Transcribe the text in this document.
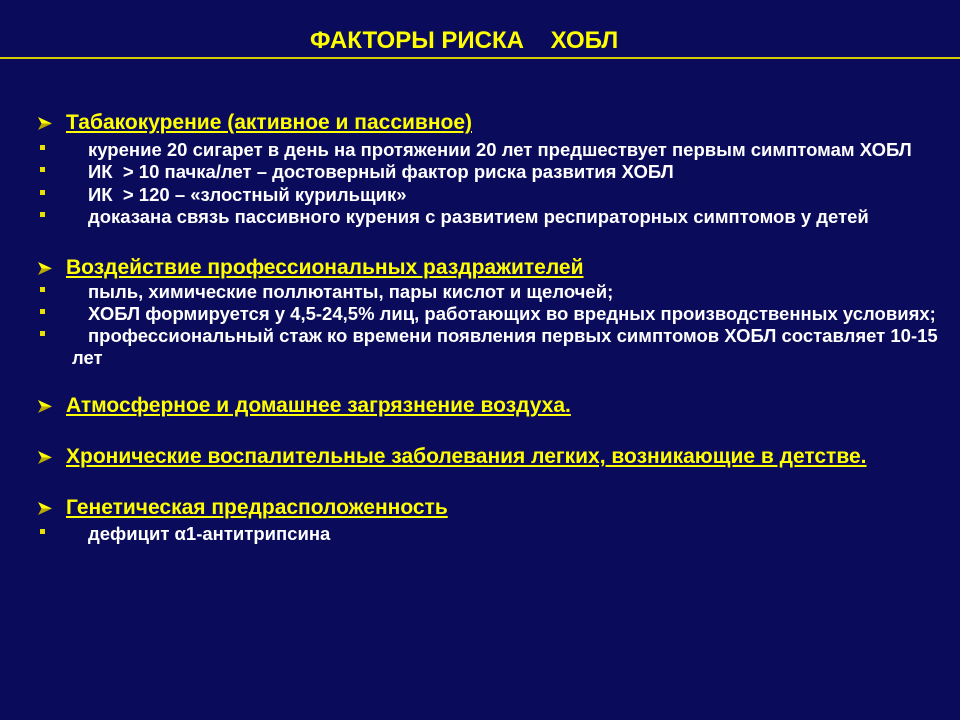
ФАКТОРЫ РИСКА    ХОБЛ
Табакокурение (активное и пассивное)
курение 20 сигарет в день на протяжении 20 лет предшествует первым симптомам ХОБЛ
ИК  > 10 пачка/лет – достоверный фактор риска развития ХОБЛ
ИК  > 120 – «злостный курильщик»
доказана связь пассивного курения с развитием респираторных симптомов у детей
Воздействие профессиональных раздражителей
пыль, химические поллютанты, пары кислот и щелочей;
ХОБЛ формируется у 4,5-24,5% лиц, работающих во вредных производственных условиях;
профессиональный стаж ко времени появления первых симптомов ХОБЛ составляет 10-15
лет
Атмосферное и домашнее загрязнение воздуха.
Хронические воспалительные заболевания легких, возникающие в детстве.
Генетическая предрасположенность
дефицит α1-антитрипсина
